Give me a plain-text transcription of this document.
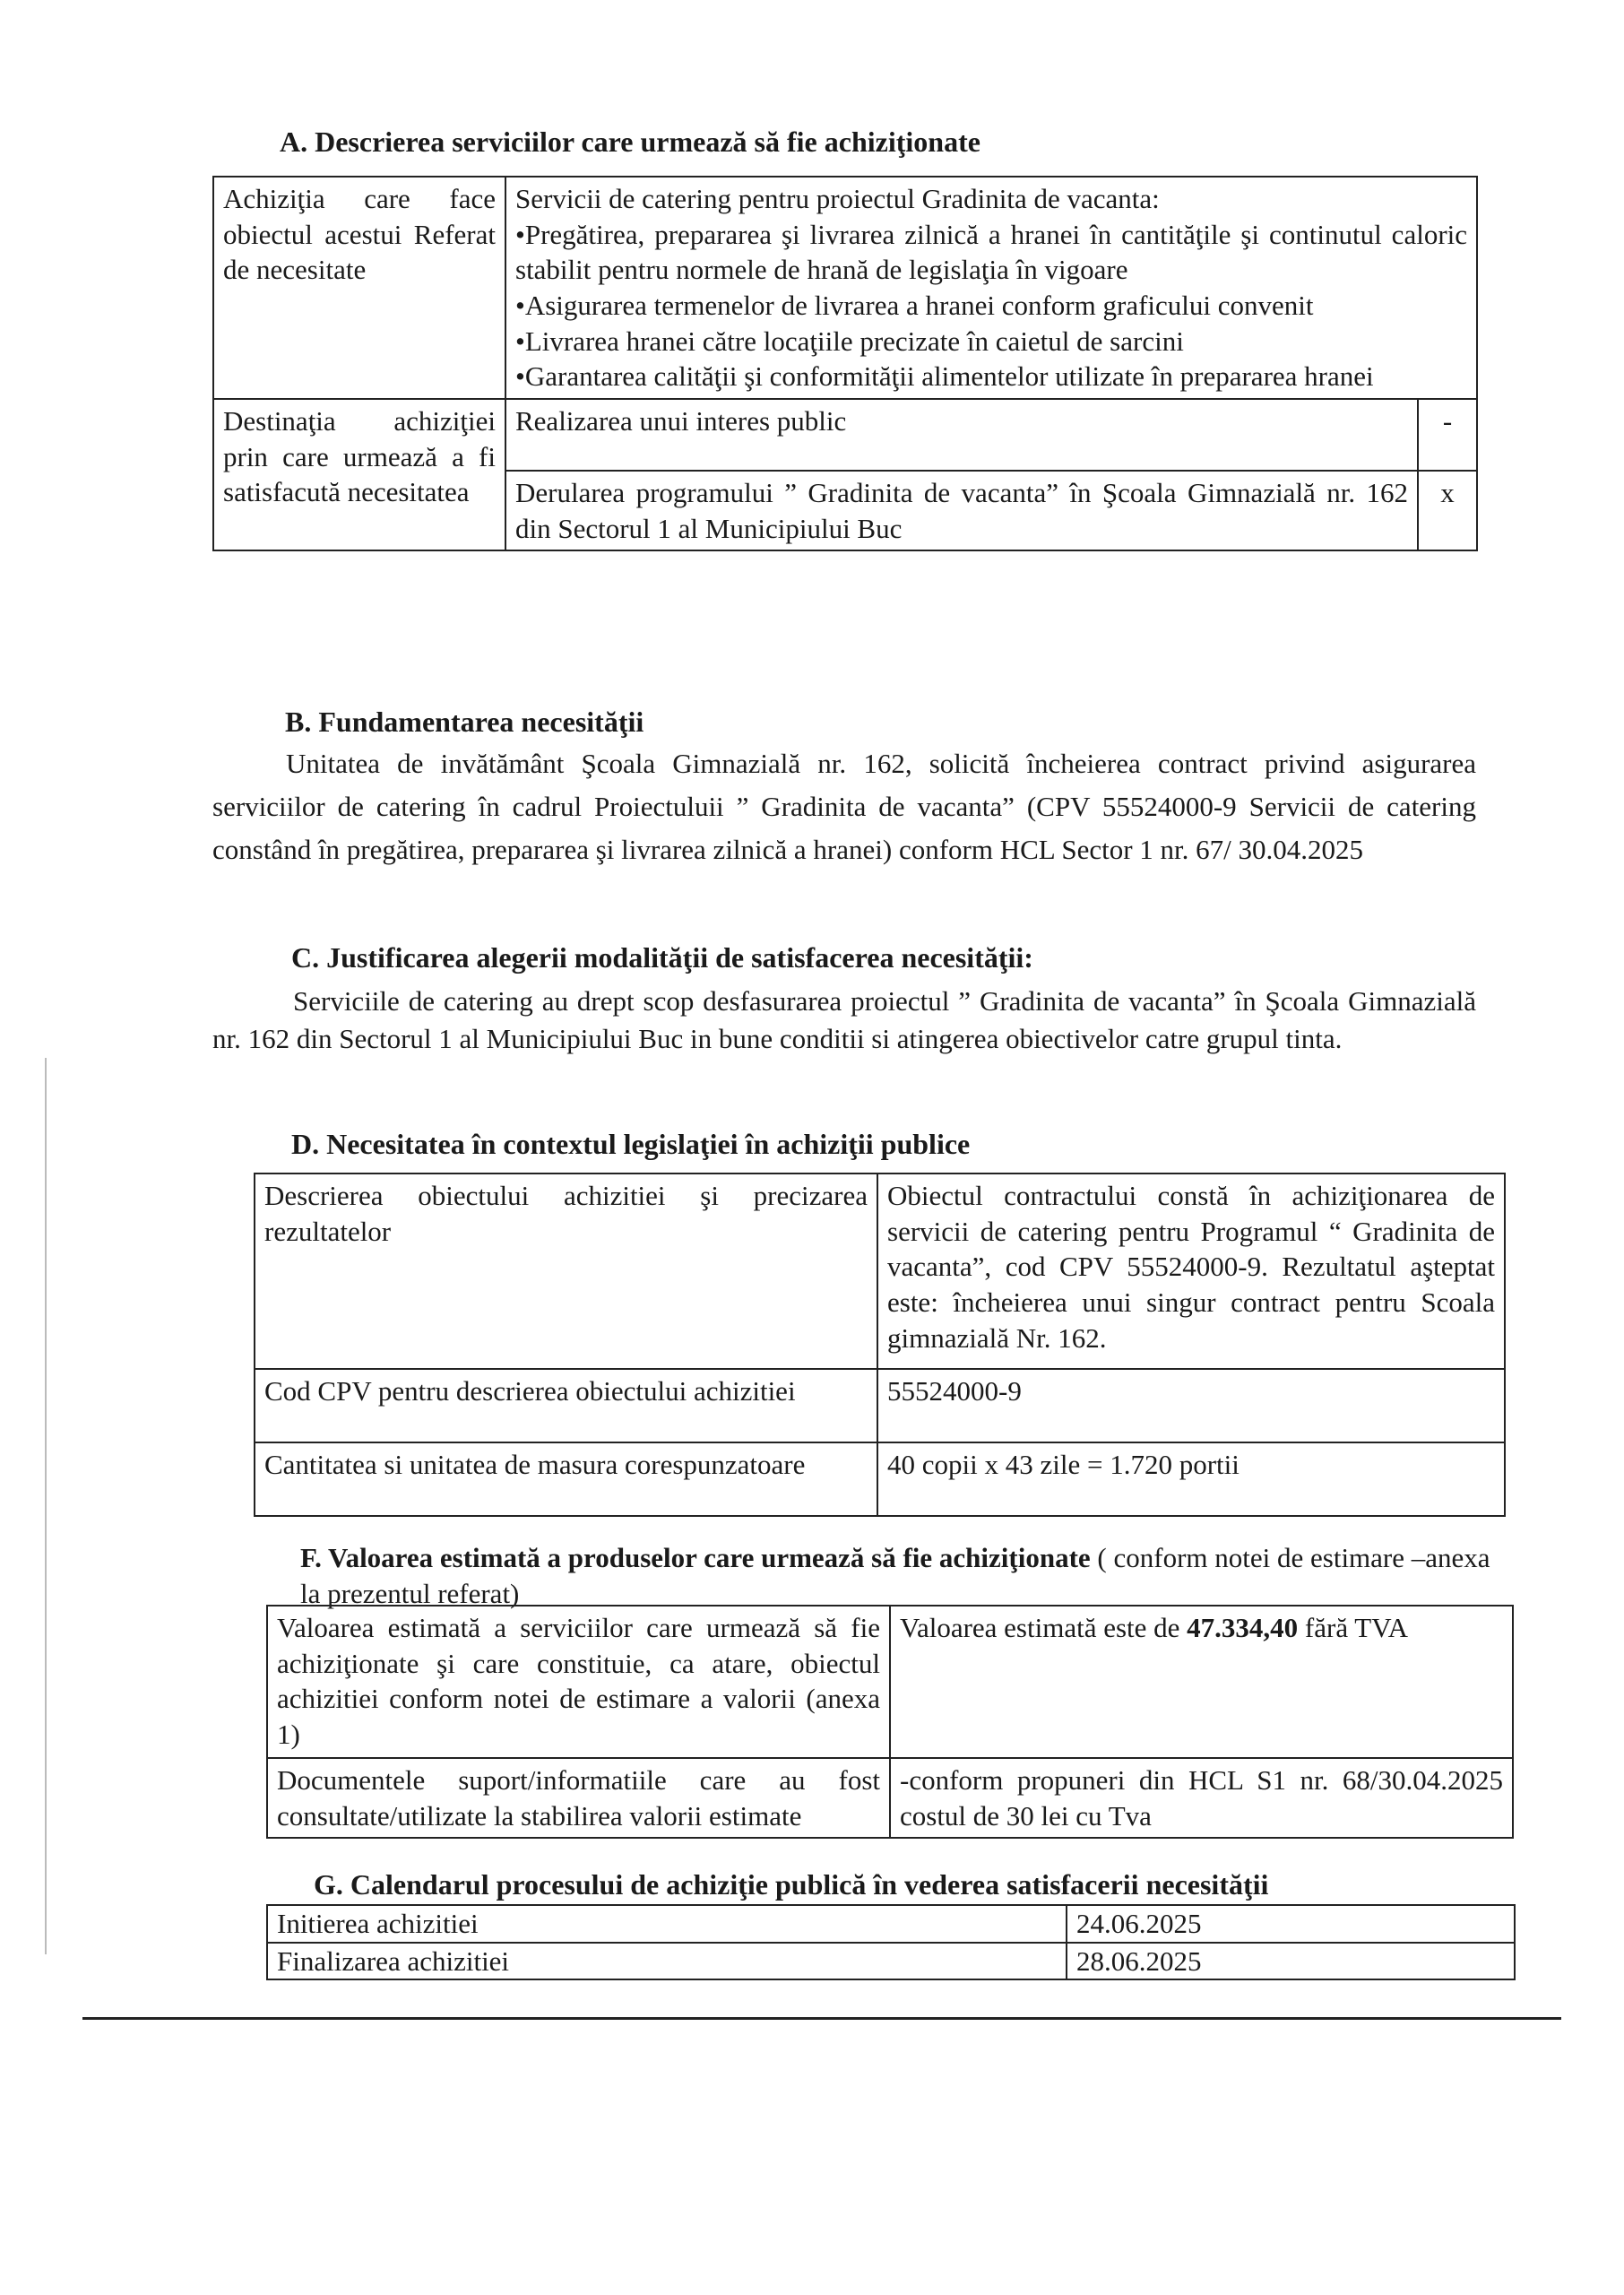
A. Descrierea serviciilor care urmează să fie achiziţionate
Achiziţia care face obiectul acestui Referat de necesitate	Servicii de catering pentru proiectul Gradinita de vacanta:
•Pregătirea, prepararea şi livrarea zilnică a hranei în cantităţile şi continutul caloric stabilit pentru normele de hrană de legislaţia în vigoare
•Asigurarea termenelor de livrarea a hranei conform graficului convenit
•Livrarea hranei către locaţiile precizate în caietul de sarcini
•Garantarea calităţii şi conformităţii alimentelor utilizate în prepararea hranei	

Destinaţia achiziţiei prin care urmează a fi satisfacută necesitatea	Realizarea unui interes public	-
	Derularea programului ” Gradinita de vacanta” în Şcoala Gimnazială nr. 162 din Sectorul 1 al Municipiului Buc	x
B. Fundamentarea necesităţii
Unitatea de invătământ Şcoala Gimnazială nr. 162, solicită încheierea contract privind asigurarea serviciilor de catering în cadrul Proiectuluii ” Gradinita de vacanta” (CPV 55524000-9 Servicii de catering constând în pregătirea, prepararea şi livrarea zilnică a hranei) conform HCL Sector 1 nr. 67/ 30.04.2025
C. Justificarea alegerii modalităţii de satisfacerea necesităţii:
Serviciile de catering au drept scop desfasurarea proiectul ” Gradinita de vacanta” în Şcoala Gimnazială nr. 162 din Sectorul 1 al Municipiului Buc in bune conditii si atingerea obiectivelor catre grupul tinta.
D. Necesitatea în contextul legislaţiei în achiziţii publice
Descrierea obiectului achizitiei şi precizarea rezultatelor	Obiectul contractului constă în achiziţionarea de servicii de catering pentru Programul “ Gradinita de vacanta”, cod CPV 55524000-9. Rezultatul aşteptat este: încheierea unui singur contract pentru Scoala gimnazială Nr. 162.
Cod CPV pentru descrierea obiectului achizitiei	55524000-9
Cantitatea si unitatea de masura corespunzatoare	40 copii x 43 zile = 1.720 portii
F. Valoarea estimată a produselor care urmează să fie achiziţionate ( conform notei de estimare –anexa la prezentul referat)
Valoarea estimată a serviciilor care urmează să fie achiziţionate şi care constituie, ca atare, obiectul achizitiei conform notei de estimare a valorii (anexa 1)	Valoarea estimată este de 47.334,40 fără TVA
Documentele suport/informatiile care au fost consultate/utilizate la stabilirea valorii estimate	-conform propuneri din HCL S1 nr. 68/30.04.2025 costul de 30 lei cu Tva
G. Calendarul procesului de achiziţie publică în vederea satisfacerii necesităţii
Initierea achizitiei	24.06.2025
Finalizarea achizitiei	28.06.2025
